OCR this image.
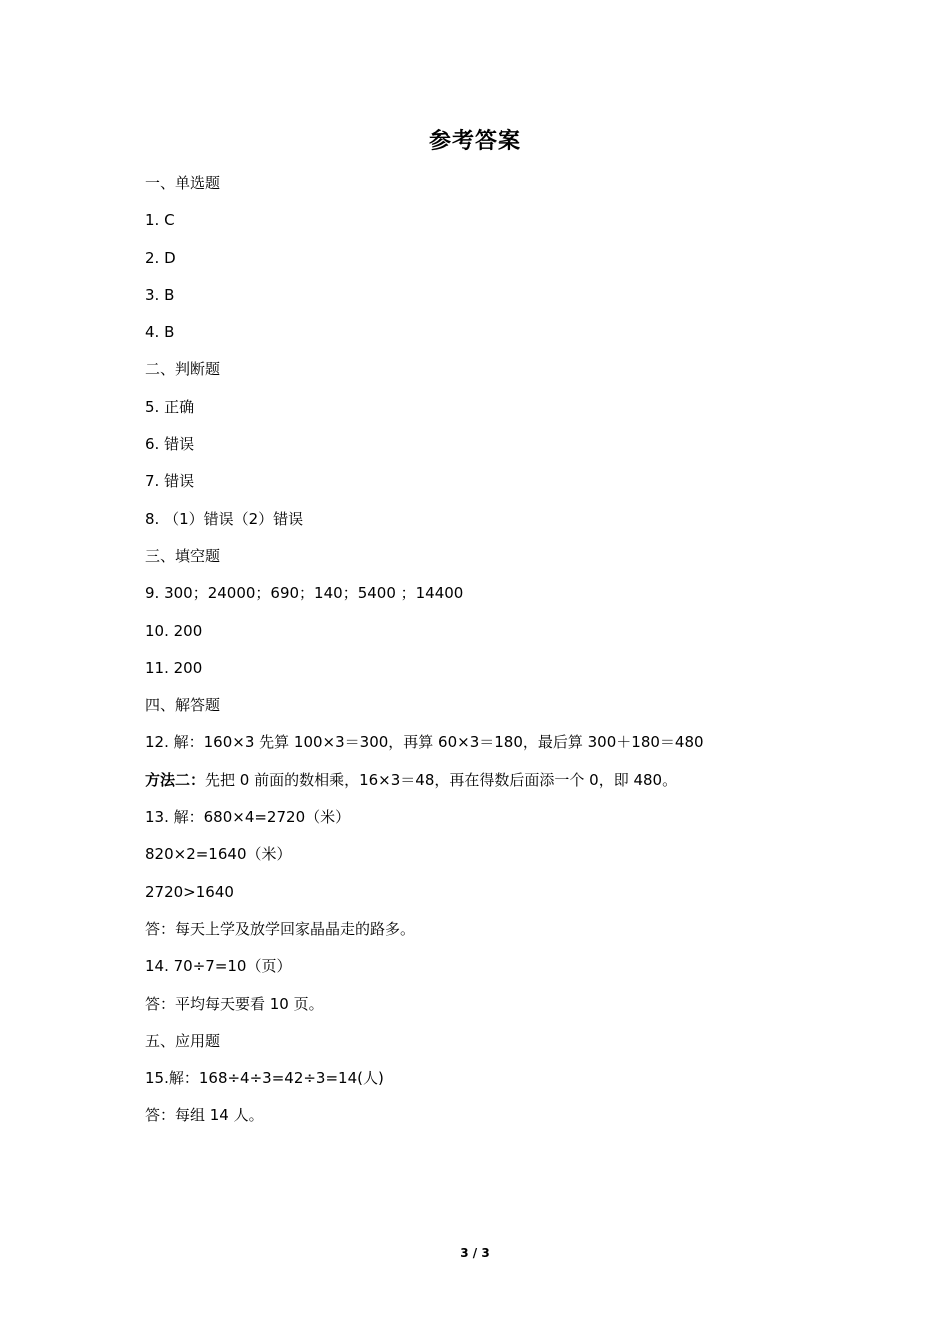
参考答案
一、单选题
1. C
2. D
3. B
4. B
二、判断题
5. 正确
6. 错误
7. 错误
8. （1）错误（2）错误
三、填空题
9. 300；24000；690；140；5400 ；14400
10. 200
11. 200
四、解答题
12. 解：160×3 先算 100×3＝300，再算 60×3＝180，最后算 300＋180＝480
方法二：先把 0 前面的数相乘，16×3＝48，再在得数后面添一个 0，即 480。
13. 解：680×4=2720（米）
820×2=1640（米）
2720>1640
答：每天上学及放学回家晶晶走的路多。
14. 70÷7=10（页）
答：平均每天要看 10 页。
五、应用题
15.解：168÷4÷3=42÷3=14(人)
答：每组 14 人。
3 / 3
